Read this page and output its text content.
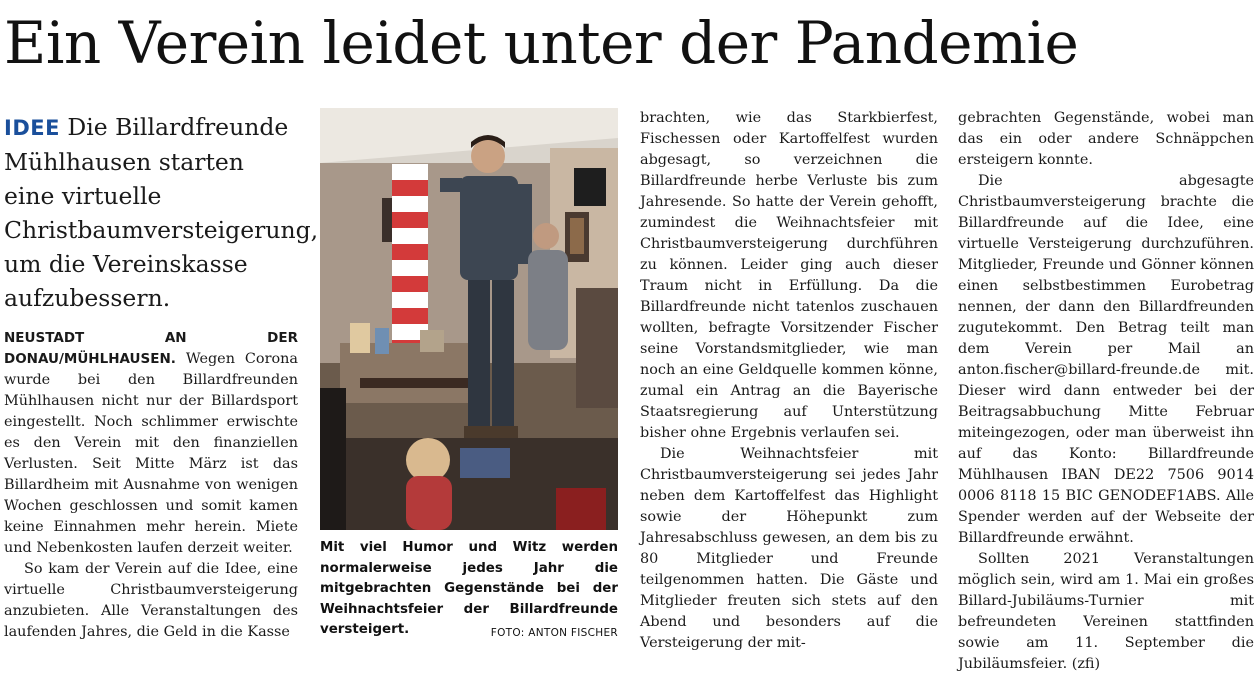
Ein Verein leidet unter der Pandemie
IDEE Die Billardfreunde Mühlhausen starten eine virtuelle Christbaumversteigerung, um die Vereinskasse aufzubessern.

NEUSTADT AN DER DONAU/MÜHLHAUSEN. Wegen Corona wurde bei den Billardfreunden Mühlhausen nicht nur der Billardsport eingestellt. Noch schlimmer erwischte es den Verein mit den finanziellen Verlusten. Seit Mitte März ist das Billardheim mit Ausnahme von wenigen Wochen geschlossen und somit kamen keine Einnahmen mehr herein. Miete und Nebenkosten laufen derzeit weiter.

So kam der Verein auf die Idee, eine virtuelle Christbaumversteigerung anzubieten. Alle Veranstaltungen des laufenden Jahres, die Geld in die Kasse

Mit viel Humor und Witz werden normalerweise jedes Jahr die mitgebrachten Gegenstände bei der Weihnachtsfeier der Billardfreunde versteigert.	FOTO: ANTON FISCHER

brachten, wie das Starkbierfest, Fischessen oder Kartoffelfest wurden abgesagt, so verzeichnen die Billardfreunde herbe Verluste bis zum Jahresende. So hatte der Verein gehofft, zumindest die Weihnachtsfeier mit Christbaumversteigerung durchführen zu können. Leider ging auch dieser Traum nicht in Erfüllung. Da die Billardfreunde nicht tatenlos zuschauen wollten, befragte Vorsitzender Fischer seine Vorstandsmitglieder, wie man noch an eine Geldquelle kommen könne, zumal ein Antrag an die Bayerische Staatsregierung auf Unterstützung bisher ohne Ergebnis verlaufen sei.

Die Weihnachtsfeier mit Christbaumversteigerung sei jedes Jahr neben dem Kartoffelfest das Highlight sowie der Höhepunkt zum Jahresabschluss gewesen, an dem bis zu 80 Mitglieder und Freunde teilgenommen hatten. Die Gäste und Mitglieder freuten sich stets auf den Abend und besonders auf die Versteigerung der mit-

gebrachten Gegenstände, wobei man das ein oder andere Schnäppchen ersteigern konnte.

Die abgesagte Christbaumversteigerung brachte die Billardfreunde auf die Idee, eine virtuelle Versteigerung durchzuführen. Mitglieder, Freunde und Gönner können einen selbstbestimmen Eurobetrag nennen, der dann den Billardfreunden zugutekommt. Den Betrag teilt man dem Verein per Mail an anton.fischer@billard-freunde.de mit. Dieser wird dann entweder bei der Beitragsabbuchung Mitte Februar miteingezogen, oder man überweist ihn auf das Konto: Billardfreunde Mühlhausen IBAN DE22 7506 9014 0006 8118 15 BIC GENODEF1ABS. Alle Spender werden auf der Webseite der Billardfreunde erwähnt.

Sollten 2021 Veranstaltungen möglich sein, wird am 1. Mai ein großes Billard-Jubiläums-Turnier mit befreundeten Vereinen stattfinden sowie am 11. September die Jubiläumsfeier. (zfi)
